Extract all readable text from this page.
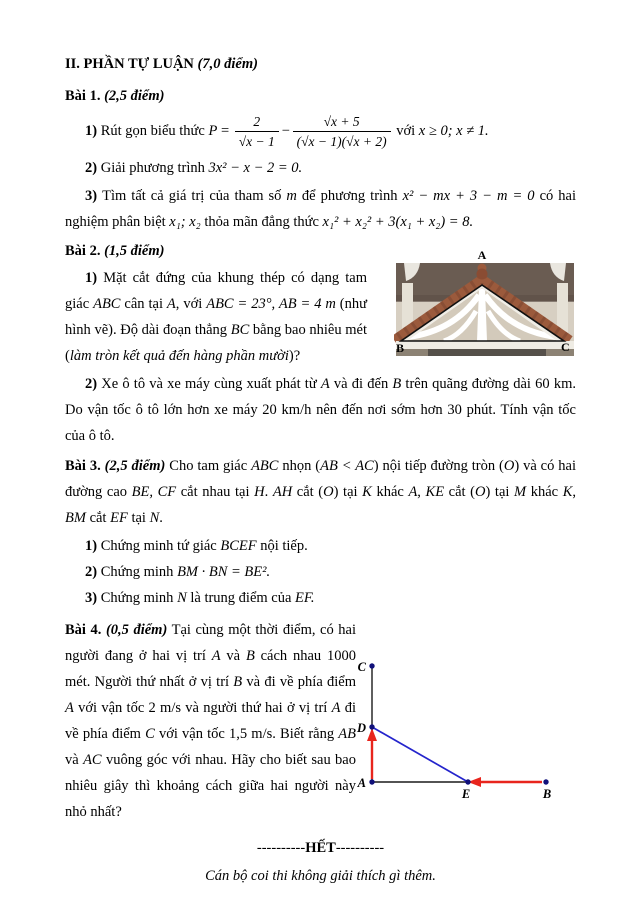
II. PHẦN TỰ LUẬN (7,0 điểm)

Bài 1. (2,5 điểm)

1) Rút gọn biểu thức $P = \frac{2}{√x - 1} - \frac{√x + 5}{(√x - 1)(√x + 2)}$ với x ≥ 0; x ≠ 1.

2) Giải phương trình 3x² − x − 2 = 0.

3) Tìm tất cả giá trị của tham số m để phương trình x² − mx + 3 − m = 0 có hai nghiệm phân biệt x₁; x₂ thỏa mãn đẳng thức x₁² + x₂² + 3(x₁ + x₂) = 8.

Bài 2. (1,5 điểm)

1) Mặt cắt đứng của khung thép có dạng tam giác ABC cân tại A, với ABC = 23°, AB = 4 m (như hình vẽ). Độ dài đoạn thẳng BC bằng bao nhiêu mét (làm tròn kết quả đến hàng phần mười)?

A
B	C

2) Xe ô tô và xe máy cùng xuất phát từ A và đi đến B trên quãng đường dài 60 km. Do vận tốc ô tô lớn hơn xe máy 20 km/h nên đến nơi sớm hơn 30 phút. Tính vận tốc của ô tô.

Bài 3. (2,5 điểm) Cho tam giác ABC nhọn (AB < AC) nội tiếp đường tròn (O) và có hai đường cao BE, CF cắt nhau tại H. AH cắt (O) tại K khác A, KE cắt (O) tại M khác K, BM cắt EF tại N.

1) Chứng minh tứ giác BCEF nội tiếp.

2) Chứng minh BM · BN = BE².

3) Chứng minh N là trung điểm của EF.

Bài 4. (0,5 điểm) Tại cùng một thời điểm, có hai người đang ở hai vị trí A và B cách nhau 1000 mét. Người thứ nhất ở vị trí B và đi về phía điểm A với vận tốc 2 m/s và người thứ hai ở vị trí A đi về phía điểm C với vận tốc 1,5 m/s. Biết rằng AB và AC vuông góc với nhau. Hãy cho biết sau bao nhiêu giây thì khoảng cách giữa hai người này nhỏ nhất?

C
D
A
E	B

----------HẾT----------

Cán bộ coi thi không giải thích gì thêm.
